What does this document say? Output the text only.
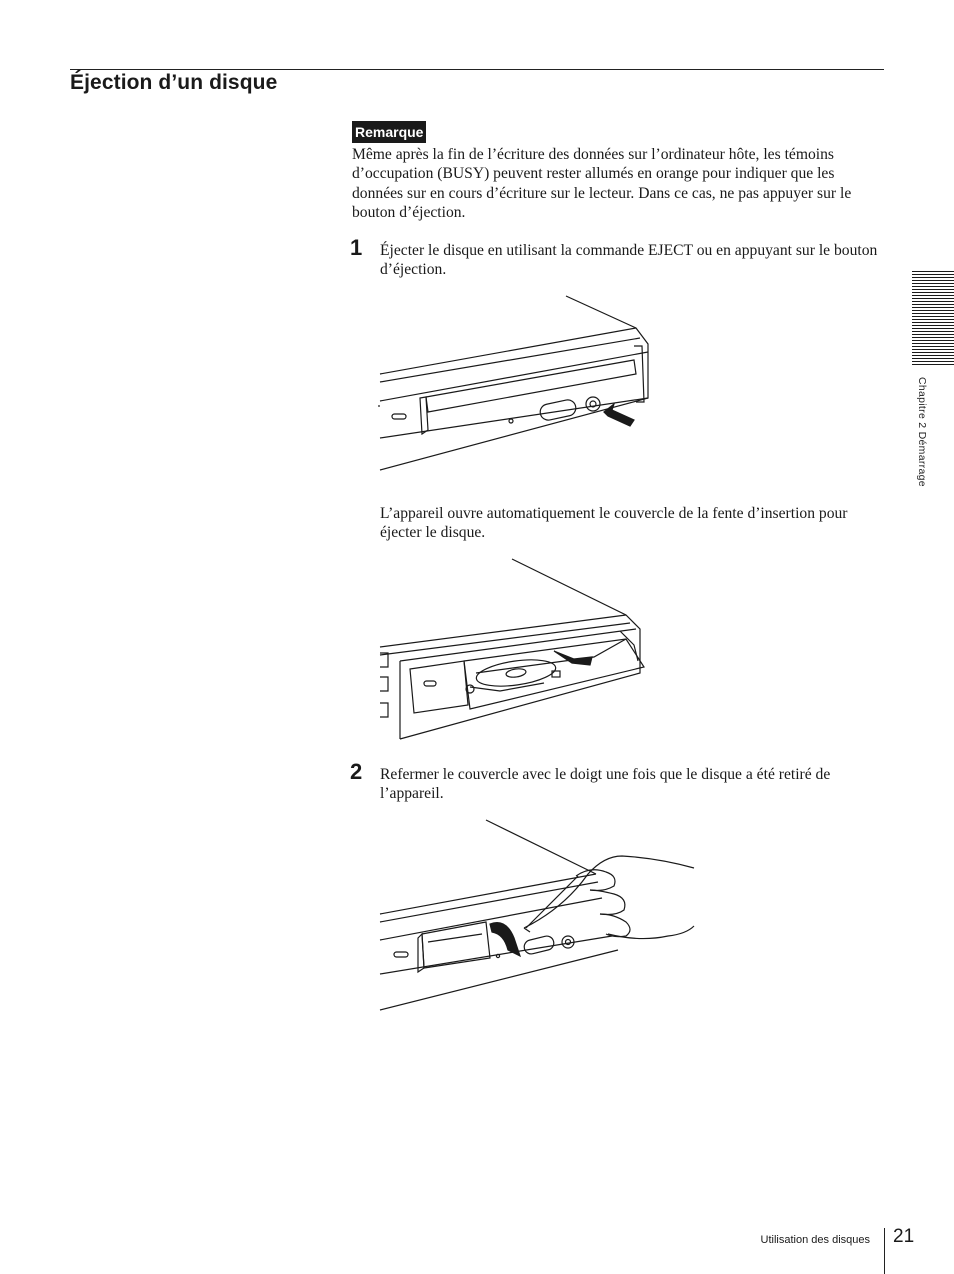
Éjection d’un disque
Remarque
Même après la fin de l’écriture des données sur l’ordinateur hôte, les témoins d’occupation (BUSY) peuvent rester allumés en orange pour indiquer que les données sur en cours d’écriture sur le lecteur. Dans ce cas, ne pas appuyer sur le bouton d’éjection.
1 Éjecter le disque en utilisant la commande EJECT ou en appuyant sur le bouton d’éjection.
L’appareil ouvre automatiquement le couvercle de la fente d’insertion pour éjecter le disque.
2 Refermer le couvercle avec le doigt une fois que le disque a été retiré de l’appareil.
Chapitre 2 Démarrage
Utilisation des disques 21
